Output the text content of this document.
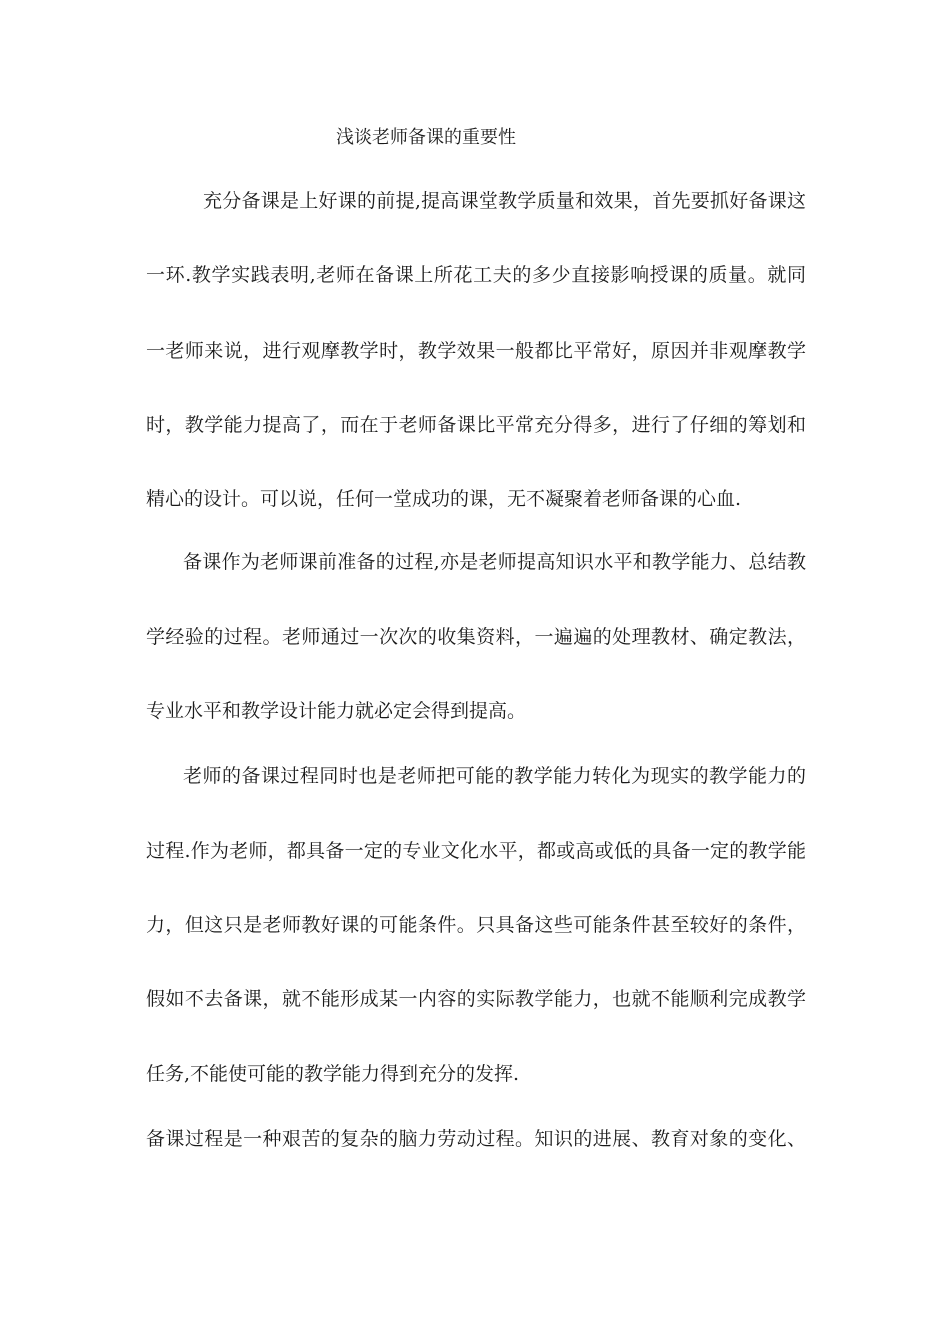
浅谈老师备课的重要性
充分备课是上好课的前提,提高课堂教学质量和效果，首先要抓好备课这
一环.教学实践表明,老师在备课上所花工夫的多少直接影响授课的质量。就同
一老师来说，进行观摩教学时，教学效果一般都比平常好，原因并非观摩教学
时，教学能力提高了，而在于老师备课比平常充分得多，进行了仔细的筹划和
精心的设计。可以说，任何一堂成功的课，无不凝聚着老师备课的心血.
备课作为老师课前准备的过程,亦是老师提高知识水平和教学能力、总结教
学经验的过程。老师通过一次次的收集资料，一遍遍的处理教材、确定教法，
专业水平和教学设计能力就必定会得到提高。
老师的备课过程同时也是老师把可能的教学能力转化为现实的教学能力的
过程.作为老师，都具备一定的专业文化水平，都或高或低的具备一定的教学能
力，但这只是老师教好课的可能条件。只具备这些可能条件甚至较好的条件，
假如不去备课，就不能形成某一内容的实际教学能力，也就不能顺利完成教学
任务,不能使可能的教学能力得到充分的发挥.
备课过程是一种艰苦的复杂的脑力劳动过程。知识的进展、教育对象的变化、
